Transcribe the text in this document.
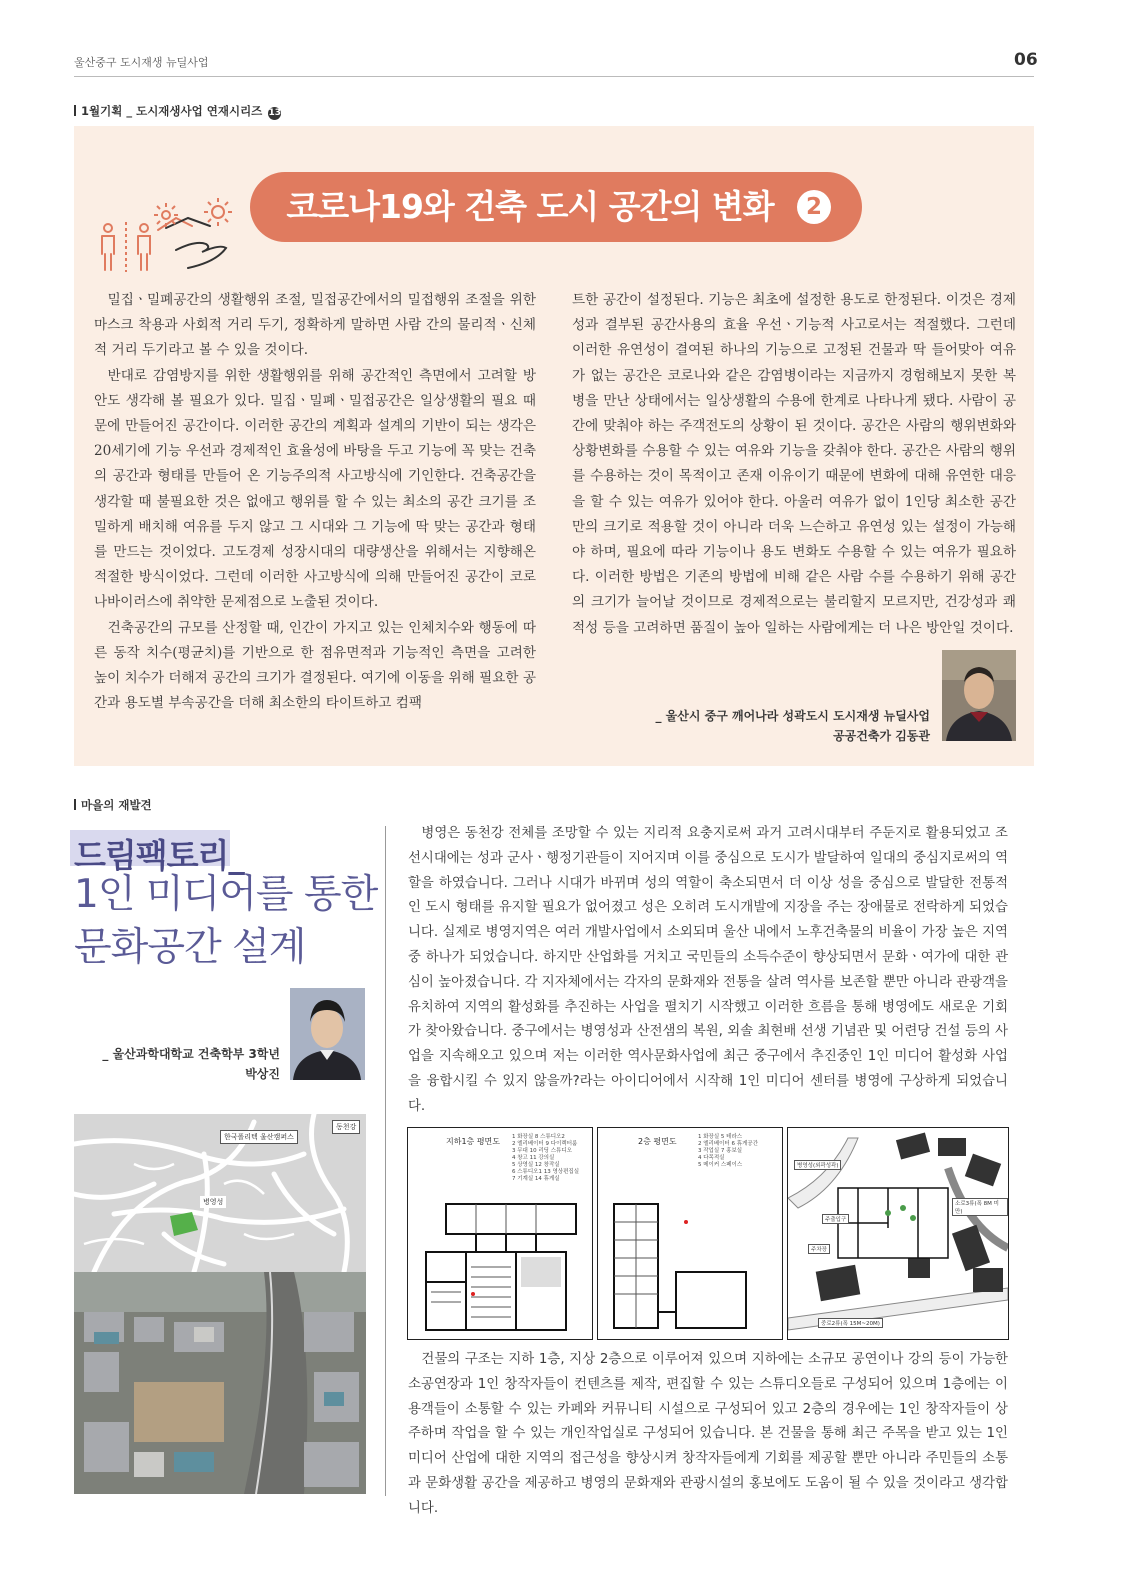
울산중구 도시재생 뉴딜사업	06
1월기획 _ 도시재생사업 연재시리즈 13
코로나19와 건축 도시 공간의 변화	2

밀집ㆍ밀폐공간의 생활행위 조절, 밀접공간에서의 밀접행위 조절을 위한 마스크 착용과 사회적 거리 두기, 정확하게 말하면 사람 간의 물리적ㆍ신체적 거리 두기라고 볼 수 있을 것이다.

반대로 감염방지를 위한 생활행위를 위해 공간적인 측면에서 고려할 방안도 생각해 볼 필요가 있다. 밀집ㆍ밀폐ㆍ밀접공간은 일상생활의 필요 때문에 만들어진 공간이다. 이러한 공간의 계획과 설계의 기반이 되는 생각은 20세기에 기능 우선과 경제적인 효율성에 바탕을 두고 기능에 꼭 맞는 건축의 공간과 형태를 만들어 온 기능주의적 사고방식에 기인한다. 건축공간을 생각할 때 불필요한 것은 없애고 행위를 할 수 있는 최소의 공간 크기를 조밀하게 배치해 여유를 두지 않고 그 시대와 그 기능에 딱 맞는 공간과 형태를 만드는 것이었다. 고도경제 성장시대의 대량생산을 위해서는 지향해온 적절한 방식이었다. 그런데 이러한 사고방식에 의해 만들어진 공간이 코로나바이러스에 취약한 문제점으로 노출된 것이다.

건축공간의 규모를 산정할 때, 인간이 가지고 있는 인체치수와 행동에 따른 동작 치수(평균치)를 기반으로 한 점유면적과 기능적인 측면을 고려한 높이 치수가 더해져 공간의 크기가 결정된다. 여기에 이동을 위해 필요한 공간과 용도별 부속공간을 더해 최소한의 타이트하고 컴팩

트한 공간이 설정된다. 기능은 최초에 설정한 용도로 한정된다. 이것은 경제성과 결부된 공간사용의 효율 우선ㆍ기능적 사고로서는 적절했다. 그런데 이러한 유연성이 결여된 하나의 기능으로 고정된 건물과 딱 들어맞아 여유가 없는 공간은 코로나와 같은 감염병이라는 지금까지 경험해보지 못한 복병을 만난 상태에서는 일상생활의 수용에 한계로 나타나게 됐다. 사람이 공간에 맞춰야 하는 주객전도의 상황이 된 것이다. 공간은 사람의 행위변화와 상황변화를 수용할 수 있는 여유와 기능을 갖춰야 한다. 공간은 사람의 행위를 수용하는 것이 목적이고 존재 이유이기 때문에 변화에 대해 유연한 대응을 할 수 있는 여유가 있어야 한다. 아울러 여유가 없이 1인당 최소한 공간만의 크기로 적용할 것이 아니라 더욱 느슨하고 유연성 있는 설정이 가능해야 하며, 필요에 따라 기능이나 용도 변화도 수용할 수 있는 여유가 필요하다. 이러한 방법은 기존의 방법에 비해 같은 사람 수를 수용하기 위해 공간의 크기가 늘어날 것이므로 경제적으로는 불리할지 모르지만, 건강성과 쾌적성 등을 고려하면 품질이 높아 일하는 사람에게는 더 나은 방안일 것이다.

_ 울산시 중구 깨어나라 성곽도시 도시재생 뉴딜사업
공공건축가 김동관
마을의 재발견
드림팩토리_
1인 미디어를 통한
문화공간 설계
_ 울산과학대학교 건축학부 3학년
박상진

병영은 동천강 전체를 조망할 수 있는 지리적 요충지로써 과거 고려시대부터 주둔지로 활용되었고 조선시대에는 성과 군사ㆍ행정기관들이 지어지며 이를 중심으로 도시가 발달하여 일대의 중심지로써의 역할을 하였습니다. 그러나 시대가 바뀌며 성의 역할이 축소되면서 더 이상 성을 중심으로 발달한 전통적인 도시 형태를 유지할 필요가 없어졌고 성은 오히려 도시개발에 지장을 주는 장애물로 전락하게 되었습니다. 실제로 병영지역은 여러 개발사업에서 소외되며 울산 내에서 노후건축물의 비율이 가장 높은 지역 중 하나가 되었습니다. 하지만 산업화를 거치고 국민들의 소득수준이 향상되면서 문화ㆍ여가에 대한 관심이 높아졌습니다. 각 지자체에서는 각자의 문화재와 전통을 살려 역사를 보존할 뿐만 아니라 관광객을 유치하여 지역의 활성화를 추진하는 사업을 펼치기 시작했고 이러한 흐름을 통해 병영에도 새로운 기회가 찾아왔습니다. 중구에서는 병영성과 산전샘의 복원, 외솔 최현배 선생 기념관 및 어련당 건설 등의 사업을 지속해오고 있으며 저는 이러한 역사문화사업에 최근 중구에서 추진중인 1인 미디어 활성화 사업을 융합시킬 수 있지 않을까?라는 아이디어에서 시작해 1인 미디어 센터를 병영에 구상하게 되었습니다.

한국폴리텍 울산캠퍼스
동천강
병영성
지하1층 평면도 1 화장실 8 스튜디오2
2 엘리베이터 9 다이렉터룸
3 무대 10 리딩 스튜디오
4 창고 11 강의실
5 상영실 12 창작실
6 스튜디오1 13 영상편집실
7 기계실 14 휴게실
2층 평면도	1 화장실 5 테라스
2 엘리베이터 6 휴게공간
3 작업실 7 홍보실
4 다목적실
5 메이커 스페이스	병영성(외곽성곽)
소로3류(폭 8M 미만)
주출입구
주차장
중로2류(폭 15M~20M)

건물의 구조는 지하 1층, 지상 2층으로 이루어져 있으며 지하에는 소규모 공연이나 강의 등이 가능한 소공연장과 1인 창작자들이 컨텐츠를 제작, 편집할 수 있는 스튜디오들로 구성되어 있으며 1층에는 이용객들이 소통할 수 있는 카페와 커뮤니티 시설으로 구성되어 있고 2층의 경우에는 1인 창작자들이 상주하며 작업을 할 수 있는 개인작업실로 구성되어 있습니다. 본 건물을 통해 최근 주목을 받고 있는 1인 미디어 산업에 대한 지역의 접근성을 향상시켜 창작자들에게 기회를 제공할 뿐만 아니라 주민들의 소통과 문화생활 공간을 제공하고 병영의 문화재와 관광시설의 홍보에도 도움이 될 수 있을 것이라고 생각합니다.
